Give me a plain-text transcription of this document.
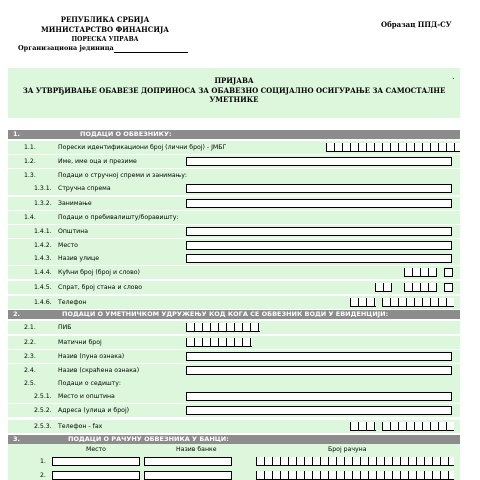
РЕПУБЛИКА СРБИЈА
МИНИСТАРСТВО ФИНАНСИЈА
ПОРЕСКА УПРАВА
Организациона јединица
Образац ППД-СУ
ПРИЈАВА
ЗА УТВРЂИВАЊЕ ОБАВЕЗЕ ДОПРИНОСА ЗА ОБАВЕЗНО СОЦИЈАЛНО ОСИГУРАЊЕ ЗА САМОСТАЛНЕ
УМЕТНИКЕ
.
1.	ПОДАЦИ О ОБВЕЗНИКУ:
1.1.	Порески идентификациони број (лични број) - ЈМБГ
1.2.	Име, име оца и презиме
1.3.	Подаци о стручној спреми и занимању:
1.3.1. Стручна спрема
1.3.2. Занимање
1.4.	Подаци о пребивалишту/боравишту:
1.4.1. Општина
1.4.2. Место
1.4.3. Назив улице
1.4.4. Кућни број (број и слово)
1.4.5. Спрат, број стана и слово
1.4.6. Телефон
2.	ПОДАЦИ О УМЕТНИЧКОМ УДРУЖЕЊУ КОД КОГА СЕ ОБВЕЗНИК ВОДИ У ЕВИДЕНЦИЈИ:
2.1.	ПИБ
2.2.	Матични број
2.3.	Назив (пуна ознака)
2.4.	Назив (скраћена ознака)
2.5.	Подаци о седишту:
2.5.1. Место и општина
2.5.2. Адреса (улица и број)
2.5.3. Телефон - fax
3.	ПОДАЦИ О РАЧУНУ ОБВЕЗНИКА У БАНЦИ:
Место	Назив банке	Број рачуна
1.
2.
